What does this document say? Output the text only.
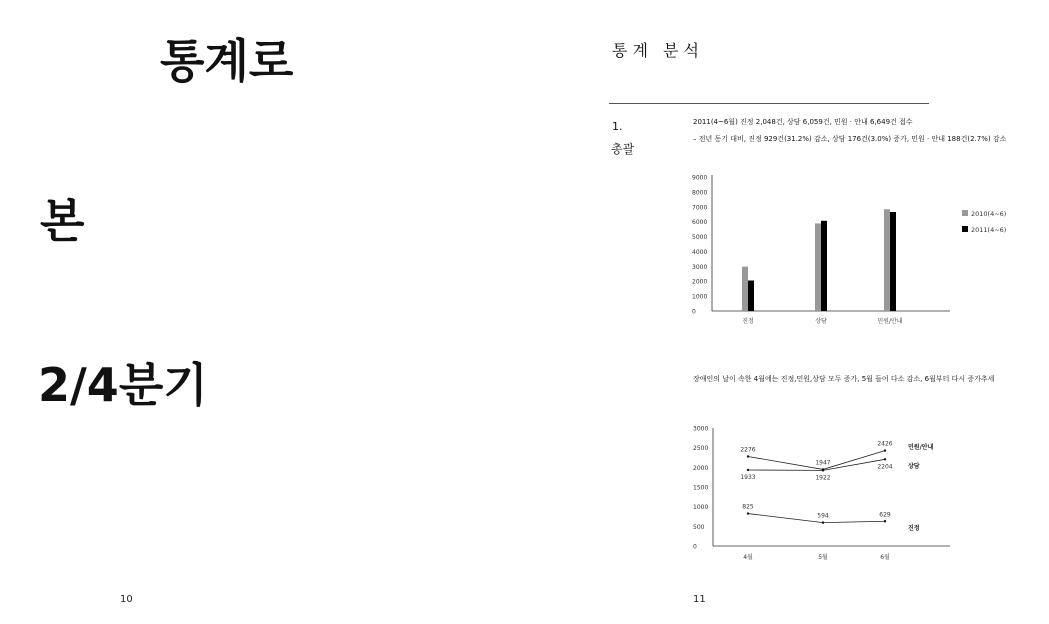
통계로
본
2/4분기
10
통계 분석
1.
총괄
2011(4~6월) 진정 2,048건, 상담 6,059건, 민원 · 안내 6,649건 접수
– 전년 동기 대비, 진정 929건(31.2%) 감소, 상담 176건(3.0%) 증가, 민원 · 안내 188건(2.7%) 감소
0
1000
2000
3000
4000
5000
6000
7000
8000
9000
진정	상담	민원/안내
2010(4~6)
2011(4~6)
장애인의 날이 속한 4월에는 진정,민원,상담 모두 증가, 5월 들어 다소 감소, 6월부터 다시 증가추세
0
500
1000
1500
2000
2500
3000
4월	5월	6월
2276
1947
2426	민원/안내
1933	1922
2204	상담
825
594	629
진정
11
